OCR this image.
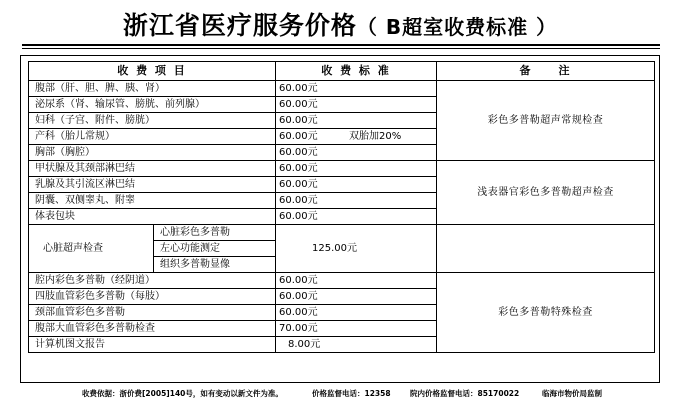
浙江省医疗服务价格（ B超室收费标准 ）
收 费 项 目		收 费 标 准	备　　注
腹部（肝、胆、脾、胰、肾）		60.00元	彩色多普勒超声常规检查
泌尿系（肾、输尿管、膀胱、前列腺）		60.00元	
妇科（子宫、附件、膀胱）		60.00元	
产科（胎儿常规）		60.00元 双胎加20%	
胸部（胸腔）		60.00元	
甲状腺及其颈部淋巴结		60.00元	浅表器官彩色多普勒超声检查
乳腺及其引流区淋巴结		60.00元	
阴囊、双侧睾丸、附睾		60.00元	
体表包块		60.00元	
心脏超声检查	心脏彩色多普勒	125.00元	
	左心功能测定		
	组织多普勒显像		
腔内彩色多普勒（经阴道）		60.00元	彩色多普勒特殊检查
四肢血管彩色多普勒（每肢）		60.00元	
颈部血管彩色多普勒		60.00元	
腹部大血管彩色多普勒检查		70.00元	
计算机图文报告		8.00元	
收费依据：浙价费[2005]140号，如有变动以新文件为准。	价格监督电话：12358	院内价格监督电话：85170022	临海市物价局监制
